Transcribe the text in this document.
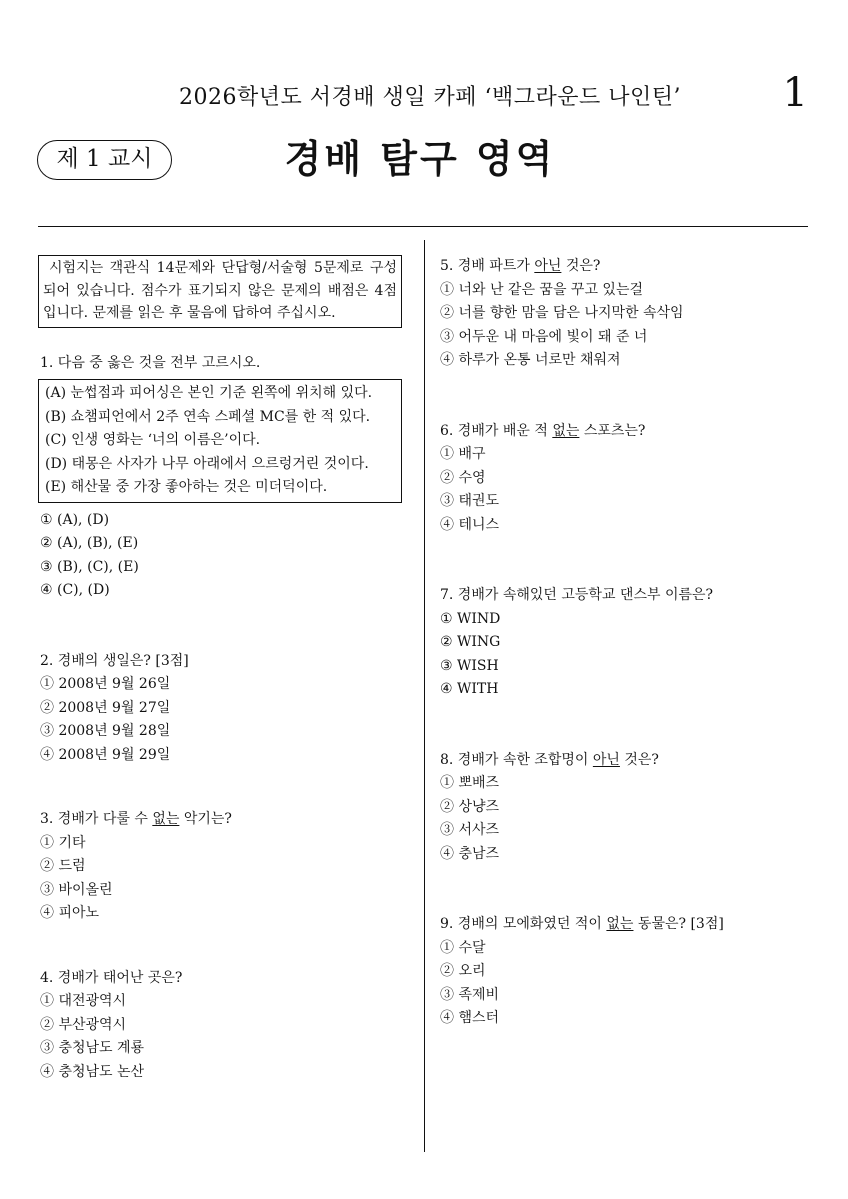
2026학년도 서경배 생일 카페 ‘백그라운드 나인틴’	1
제 1 교시	경배 탐구 영역
시험지는 객관식 14문제와 단답형/서술형 5문제로 구성되어 있습니다. 점수가 표기되지 않은 문제의 배점은 4점입니다. 문제를 읽은 후 물음에 답하여 주십시오.

1. 다음 중 옳은 것을 전부 고르시오.

(A) 눈썹점과 피어싱은 본인 기준 왼쪽에 위치해 있다.

(B) 쇼챔피언에서 2주 연속 스페셜 MC를 한 적 있다.

(C) 인생 영화는 ‘너의 이름은’이다.

(D) 태몽은 사자가 나무 아래에서 으르렁거린 것이다.

(E) 해산물 중 가장 좋아하는 것은 미더덕이다.

① (A), (D)

② (A), (B), (E)

③ (B), (C), (E)

④ (C), (D)

2. 경배의 생일은? [3점]

① 2008년 9월 26일

② 2008년 9월 27일

③ 2008년 9월 28일

④ 2008년 9월 29일

3. 경배가 다룰 수 없는 악기는?

① 기타

② 드럼

③ 바이올린

④ 피아노

4. 경배가 태어난 곳은?

① 대전광역시

② 부산광역시

③ 충청남도 계룡

④ 충청남도 논산

5. 경배 파트가 아닌 것은?

① 너와 난 같은 꿈을 꾸고 있는걸

② 너를 향한 맘을 담은 나지막한 속삭임

③ 어두운 내 마음에 빛이 돼 준 너

④ 하루가 온통 너로만 채워져

6. 경배가 배운 적 없는 스포츠는?

① 배구

② 수영

③ 태권도

④ 테니스

7. 경배가 속해있던 고등학교 댄스부 이름은?

① WIND

② WING

③ WISH

④ WITH

8. 경배가 속한 조합명이 아닌 것은?

① 뽀배즈

② 상냥즈

③ 서사즈

④ 충남즈

9. 경배의 모에화였던 적이 없는 동물은? [3점]

① 수달

② 오리

③ 족제비

④ 햄스터
